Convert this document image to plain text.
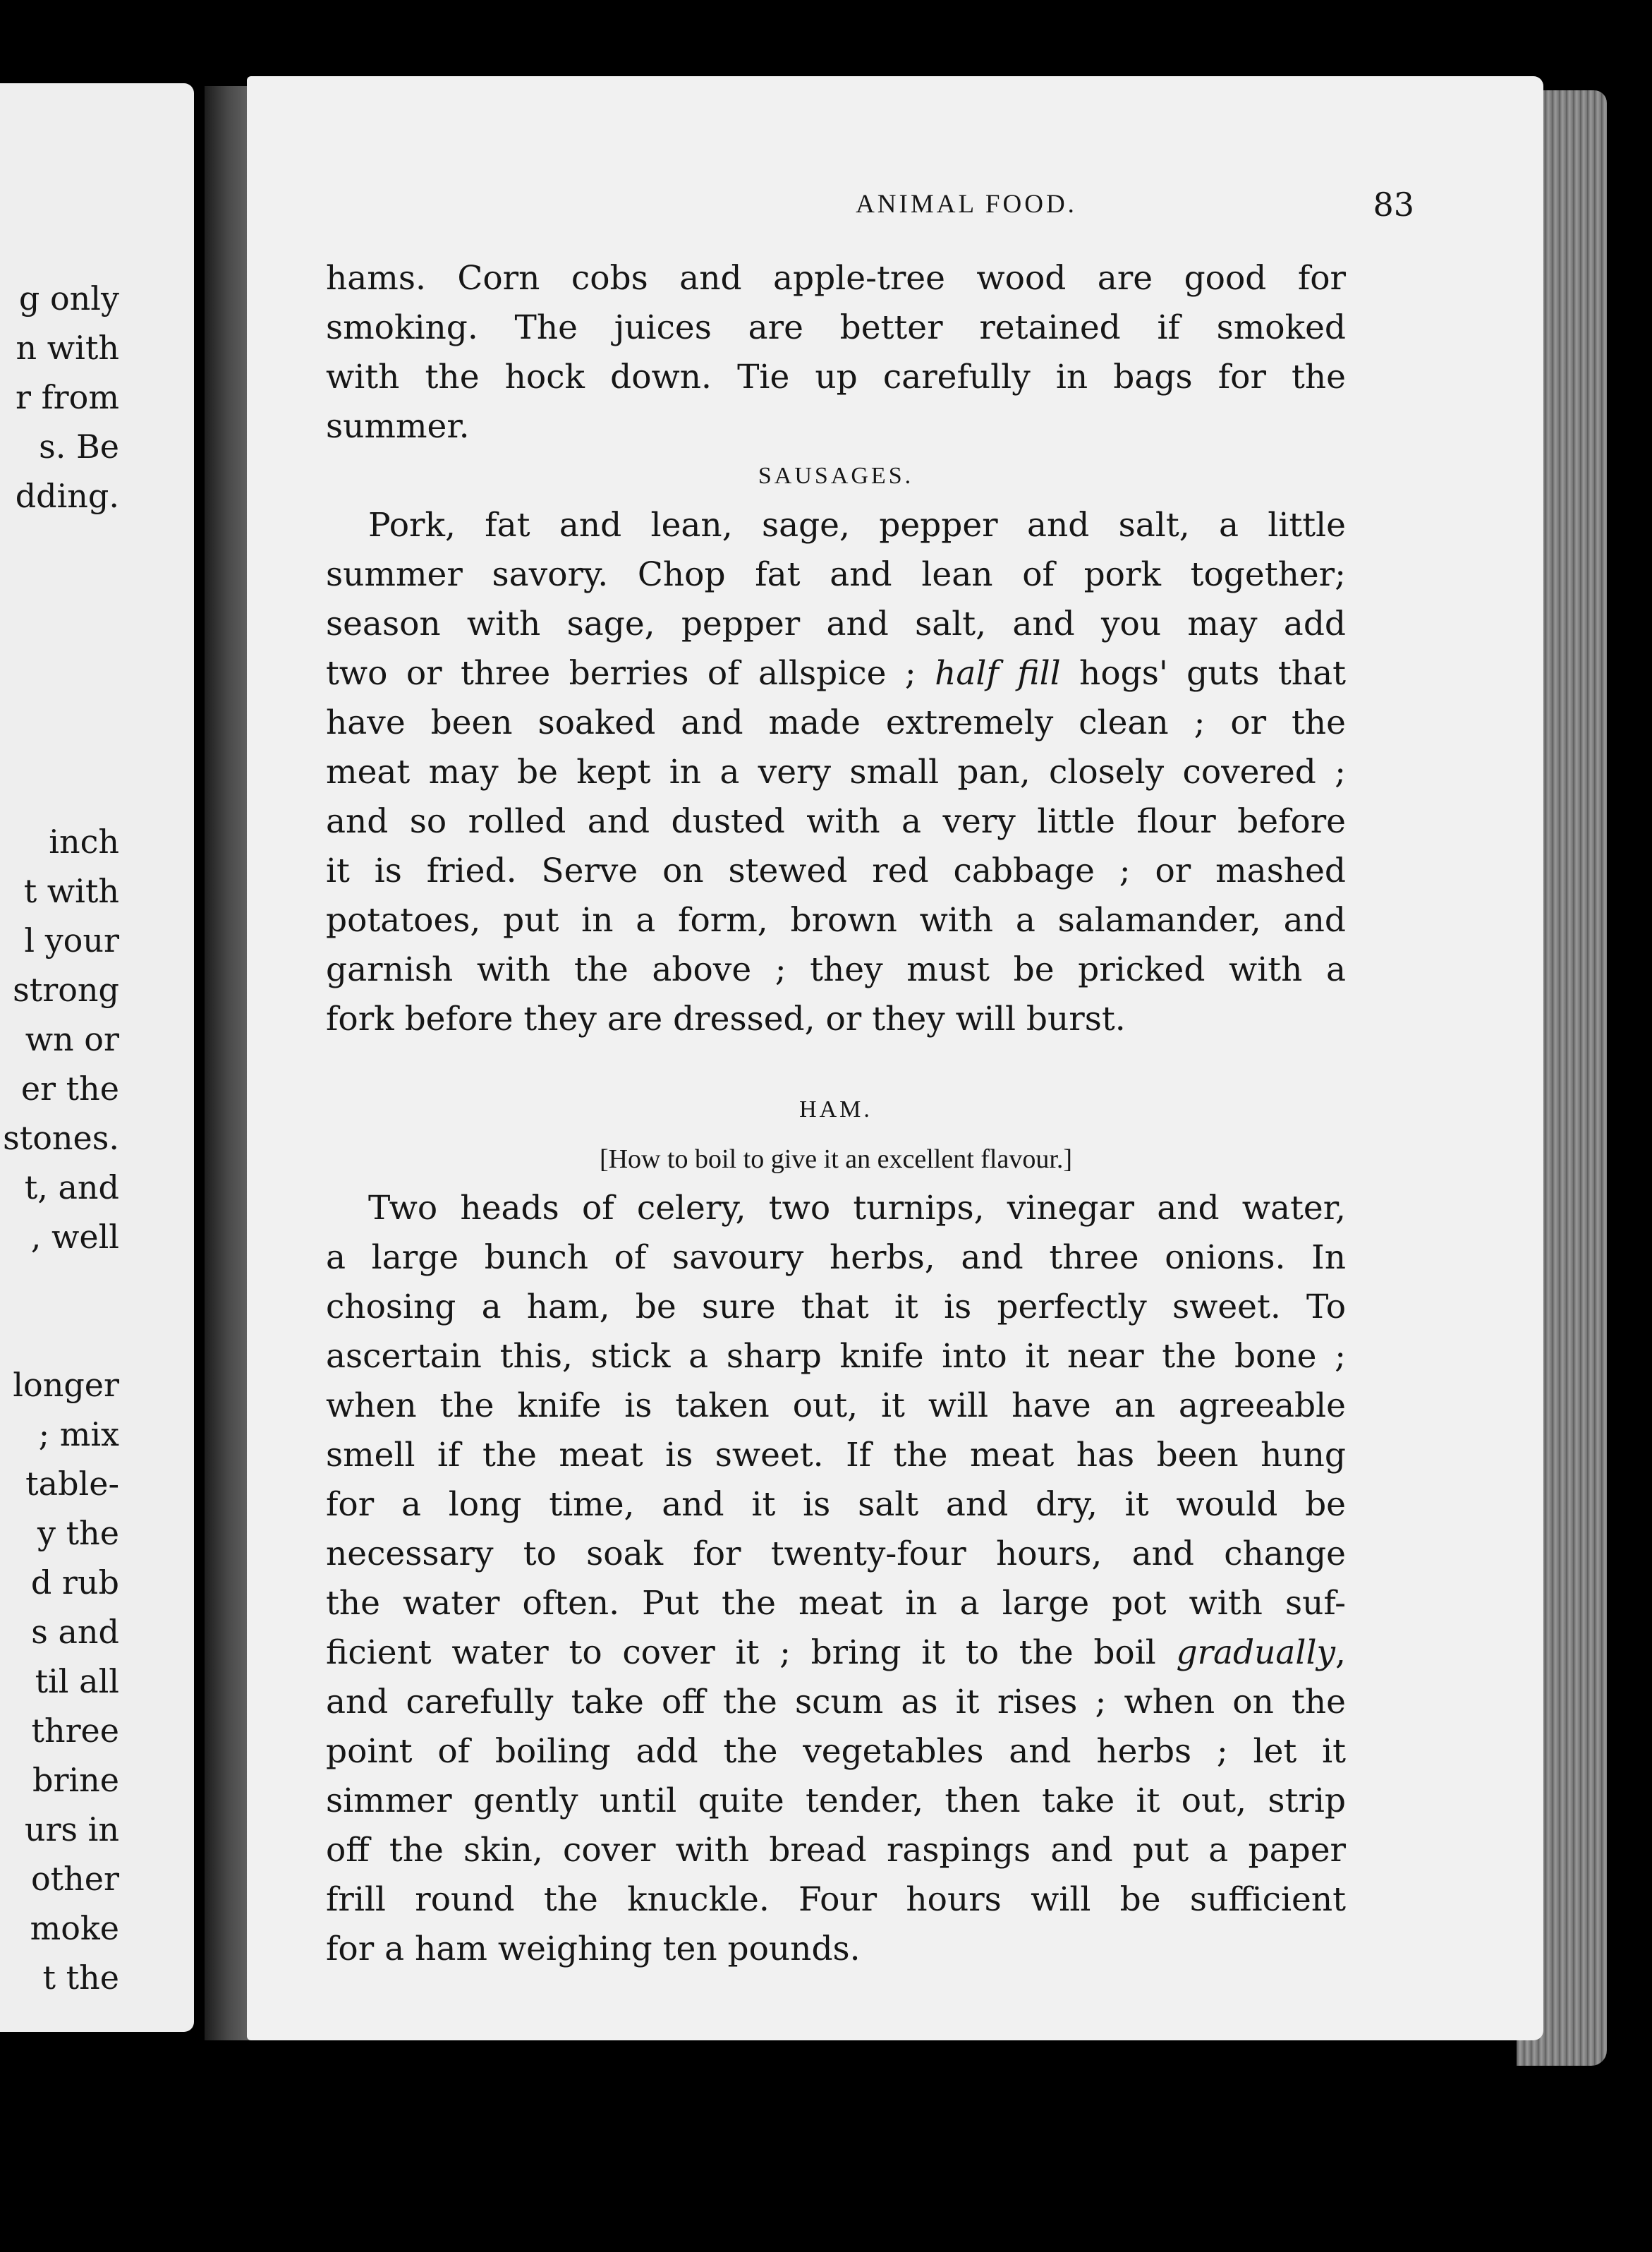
g only
n with
r from
s. Be
dding.
inch
t with
l your
strong
wn or
er the
stones.
t, and
, well
longer
; mix
table-
y the
d rub
s and
til all
three
brine
urs in
other
moke
t the
ANIMAL FOOD.	83
hams. Corn cobs and apple-tree wood are good for
smoking. The juices are better retained if smoked
with the hock down. Tie up carefully in bags for the
summer.
SAUSAGES.
Pork, fat and lean, sage, pepper and salt, a little
summer savory. Chop fat and lean of pork together;
season with sage, pepper and salt, and you may add
two or three berries of allspice ; half fill hogs' guts that
have been soaked and made extremely clean ; or the
meat may be kept in a very small pan, closely covered ;
and so rolled and dusted with a very little flour before
it is fried. Serve on stewed red cabbage ; or mashed
potatoes, put in a form, brown with a salamander, and
garnish with the above ; they must be pricked with a
fork before they are dressed, or they will burst.
HAM.
[How to boil to give it an excellent flavour.]
Two heads of celery, two turnips, vinegar and water,
a large bunch of savoury herbs, and three onions. In
chosing a ham, be sure that it is perfectly sweet. To
ascertain this, stick a sharp knife into it near the bone ;
when the knife is taken out, it will have an agreeable
smell if the meat is sweet. If the meat has been hung
for a long time, and it is salt and dry, it would be
necessary to soak for twenty-four hours, and change
the water often. Put the meat in a large pot with suf-
ficient water to cover it ; bring it to the boil gradually,
and carefully take off the scum as it rises ; when on the
point of boiling add the vegetables and herbs ; let it
simmer gently until quite tender, then take it out, strip
off the skin, cover with bread raspings and put a paper
frill round the knuckle. Four hours will be sufficient
for a ham weighing ten pounds.
